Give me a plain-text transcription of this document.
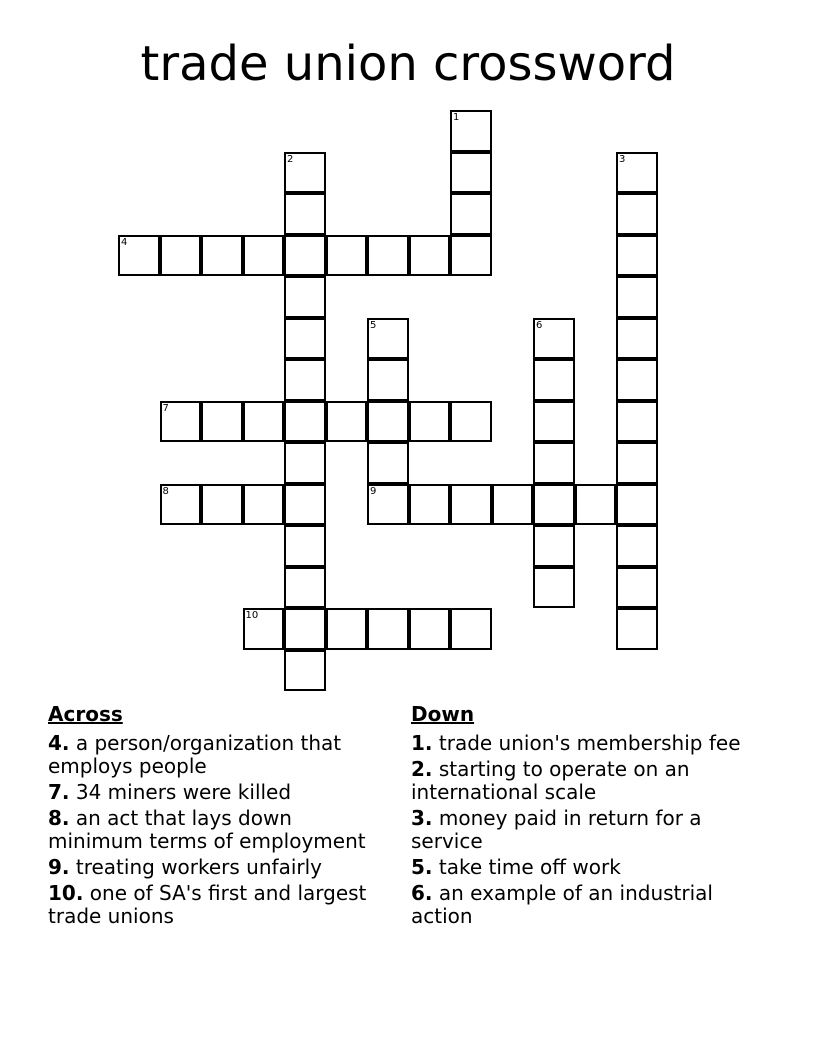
trade union crossword
1
2	3
4
5
9
6
7
8
10
Across
4. a person/organization that employs people
7. 34 miners were killed
8. an act that lays down minimum terms of employment
9. treating workers unfairly
10. one of SA's first and largest trade unions
Down
1. trade union's membership fee
2. starting to operate on an international scale
3. money paid in return for a service
5. take time off work
6. an example of an industrial action
